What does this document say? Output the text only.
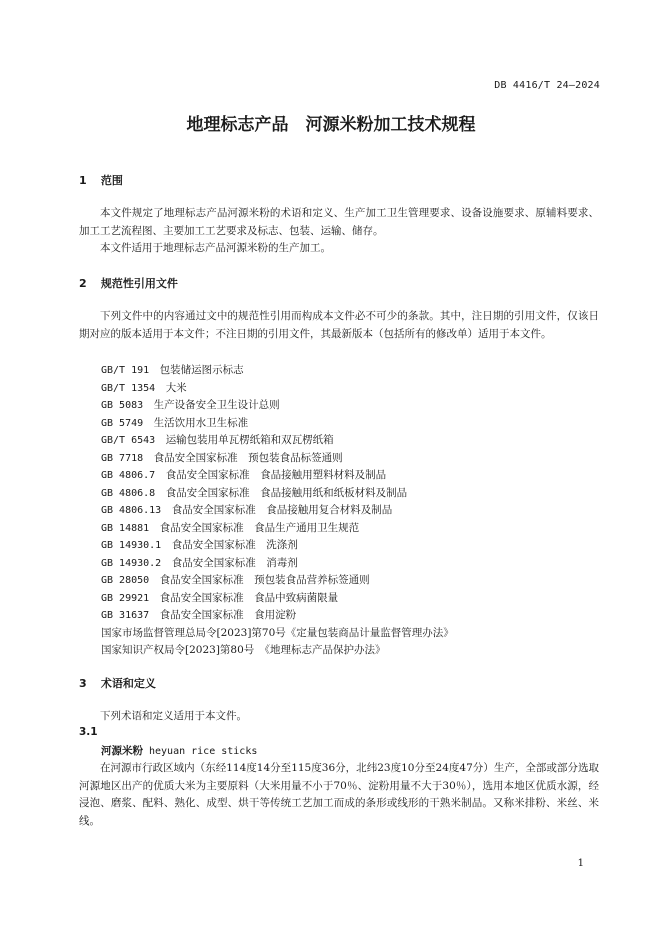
DB 4416/T 24—2024
地理标志产品　河源米粉加工技术规程
1 范围
本文件规定了地理标志产品河源米粉的术语和定义、生产加工卫生管理要求、设备设施要求、原辅料要求、加工工艺流程图、主要加工工艺要求及标志、包装、运输、储存。
本文件适用于地理标志产品河源米粉的生产加工。
2 规范性引用文件
下列文件中的内容通过文中的规范性引用而构成本文件必不可少的条款。其中，注日期的引用文件，仅该日期对应的版本适用于本文件；不注日期的引用文件，其最新版本（包括所有的修改单）适用于本文件。
GB/T 191　 包装储运图示标志
GB/T 1354　 大米
GB 5083　 生产设备安全卫生设计总则
GB 5749　 生活饮用水卫生标准
GB/T 6543　 运输包装用单瓦楞纸箱和双瓦楞纸箱
GB 7718　 食品安全国家标准　预包装食品标签通则
GB 4806.7　 食品安全国家标准　食品接触用塑料材料及制品
GB 4806.8　 食品安全国家标准　食品接触用纸和纸板材料及制品
GB 4806.13　 食品安全国家标准　食品接触用复合材料及制品
GB 14881　 食品安全国家标准　食品生产通用卫生规范
GB 14930.1　 食品安全国家标准　洗涤剂
GB 14930.2　 食品安全国家标准　消毒剂
GB 28050　 食品安全国家标准　预包装食品营养标签通则
GB 29921　 食品安全国家标准　食品中致病菌限量
GB 31637　 食品安全国家标准　食用淀粉
国家市场监督管理总局令[2023]第70号《定量包装商品计量监督管理办法》
国家知识产权局令[2023]第80号　《地理标志产品保护办法》
3 术语和定义
下列术语和定义适用于本文件。
3.1
河源米粉 heyuan rice sticks
在河源市行政区域内（东经114度14分至115度36分，北纬23度10分至24度47分）生产，全部或部分选取河源地区出产的优质大米为主要原料（大米用量不小于70％、淀粉用量不大于30％），选用本地区优质水源，经浸泡、磨浆、配料、熟化、成型、烘干等传统工艺加工而成的条形或线形的干熟米制品。又称米排粉、米丝、米线。
1
